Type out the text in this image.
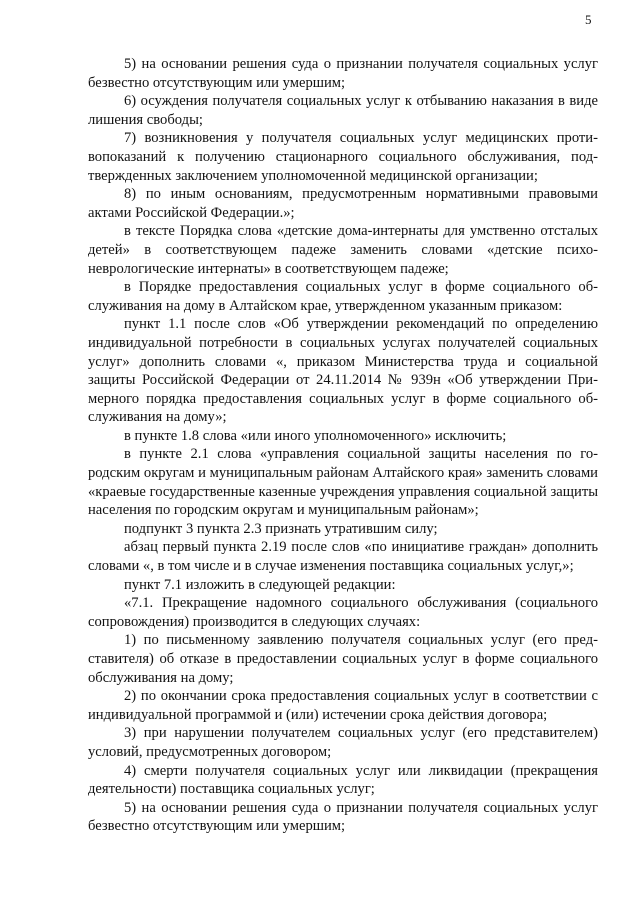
5

5) на основании решения суда о признании получателя социальных услуг безвестно отсутствующим или умершим;

6) осуждения получателя социальных услуг к отбыванию наказания в виде лишения свободы;

7) возникновения у получателя социальных услуг медицинских противопоказаний к получению стационарного социального обслуживания, подтвержденных заключением уполномоченной медицинской организации;

8) по иным основаниям, предусмотренным нормативными правовыми актами Российской Федерации.»;

в тексте Порядка слова «детские дома-интернаты для умственно отсталых детей» в соответствующем падеже заменить словами «детские психоневрологические интернаты» в соответствующем падеже;

в Порядке предоставления социальных услуг в форме социального обслуживания на дому в Алтайском крае, утвержденном указанным приказом:

пункт 1.1 после слов «Об утверждении рекомендаций по определению индивидуальной потребности в социальных услугах получателей социальных услуг» дополнить словами «, приказом Министерства труда и социальной защиты Российской Федерации от 24.11.2014 № 939н «Об утверждении Примерного порядка предоставления социальных услуг в форме социального обслуживания на дому»;

в пункте 1.8 слова «или иного уполномоченного» исключить;

в пункте 2.1 слова «управления социальной защиты населения по городским округам и муниципальным районам Алтайского края» заменить словами «краевые государственные казенные учреждения управления социальной защиты населения по городским округам и муниципальным районам»;

подпункт 3 пункта 2.3 признать утратившим силу;

абзац первый пункта 2.19 после слов «по инициативе граждан» дополнить словами «, в том числе и в случае изменения поставщика социальных услуг,»;

пункт 7.1 изложить в следующей редакции:

«7.1. Прекращение надомного социального обслуживания (социального сопровождения) производится в следующих случаях:

1) по письменному заявлению получателя социальных услуг (его представителя) об отказе в предоставлении социальных услуг в форме социального обслуживания на дому;

2) по окончании срока предоставления социальных услуг в соответствии с индивидуальной программой и (или) истечении срока действия договора;

3) при нарушении получателем социальных услуг (его представителем) условий, предусмотренных договором;

4) смерти получателя социальных услуг или ликвидации (прекращения деятельности) поставщика социальных услуг;

5) на основании решения суда о признании получателя социальных услуг безвестно отсутствующим или умершим;
